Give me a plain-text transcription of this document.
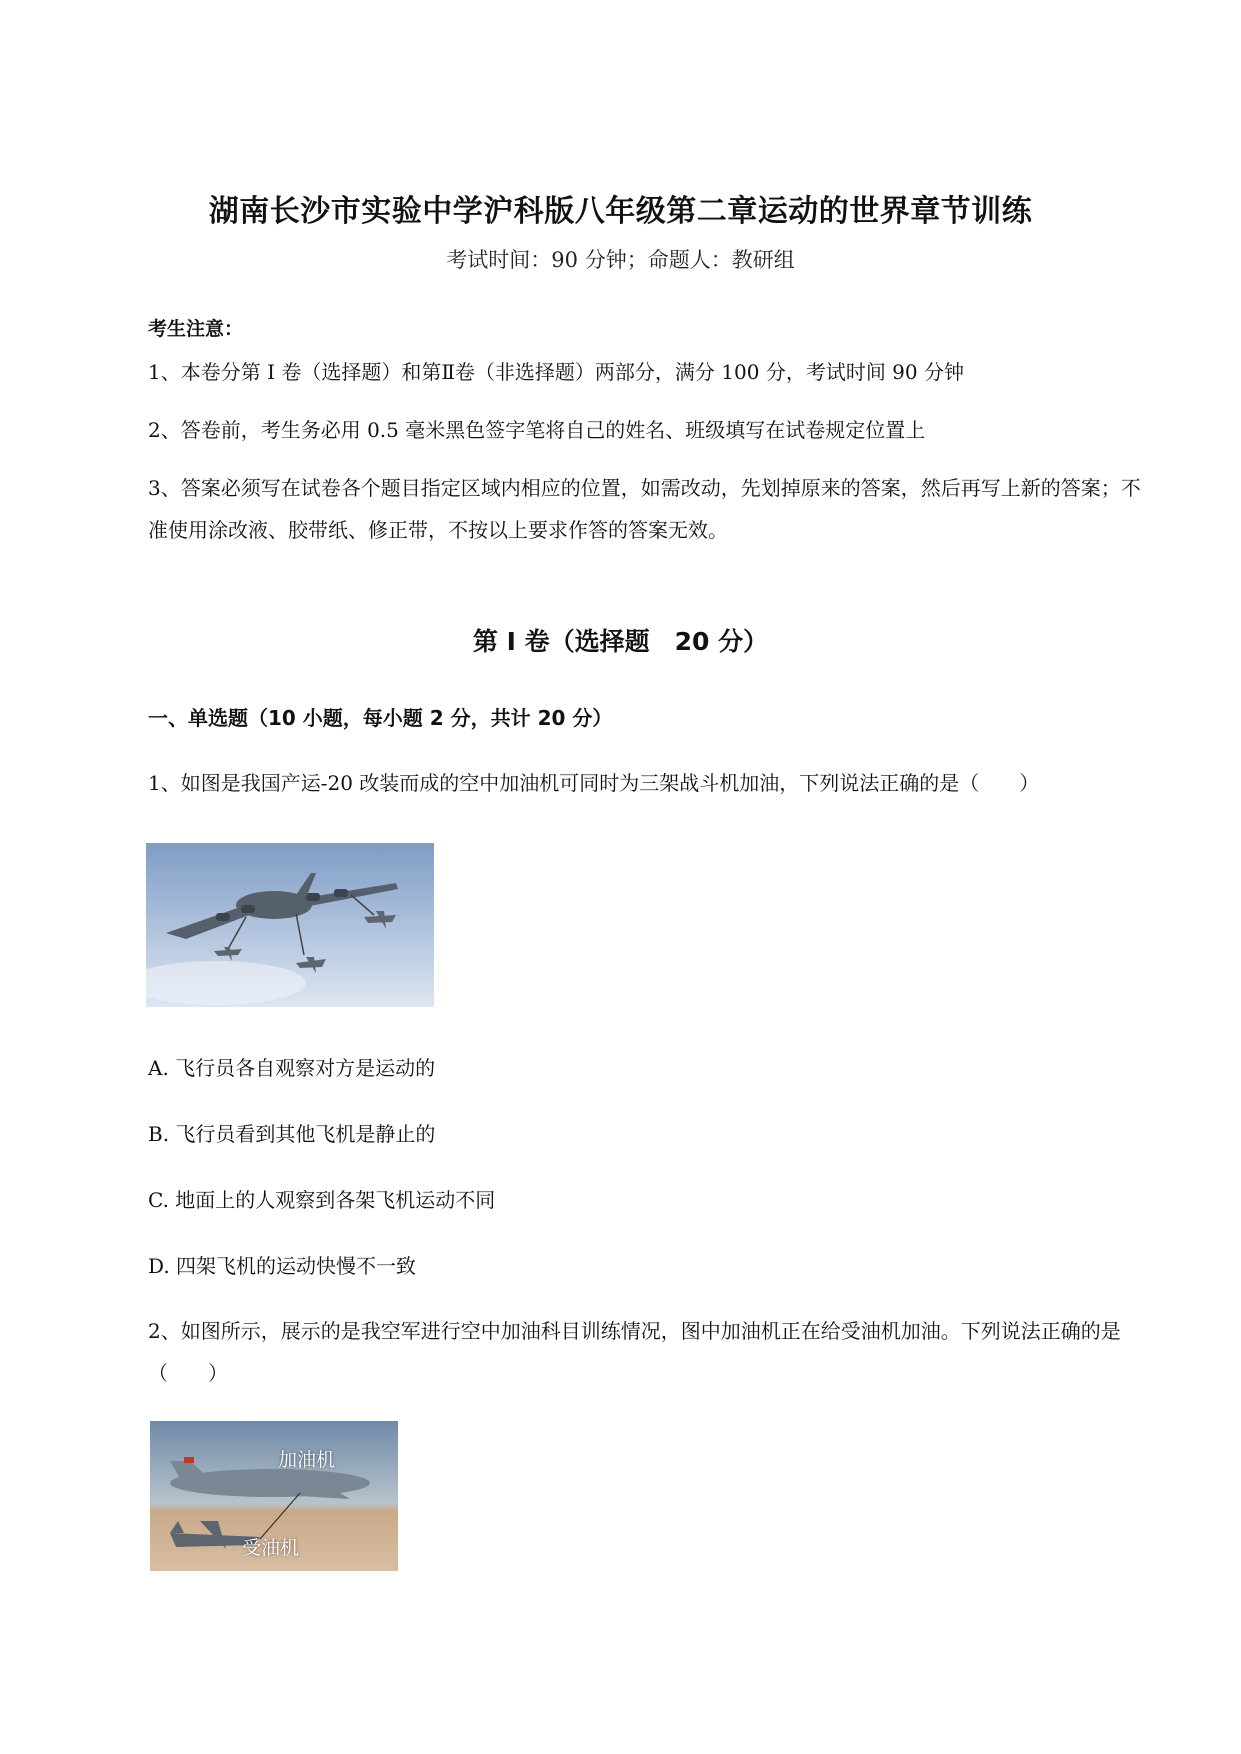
湖南长沙市实验中学沪科版八年级第二章运动的世界章节训练
考试时间：90 分钟；命题人：教研组
考生注意：
1、本卷分第 I 卷（选择题）和第Ⅱ卷（非选择题）两部分，满分 100 分，考试时间 90 分钟
2、答卷前，考生务必用 0.5 毫米黑色签字笔将自己的姓名、班级填写在试卷规定位置上
3、答案必须写在试卷各个题目指定区域内相应的位置，如需改动，先划掉原来的答案，然后再写上新的答案；不准使用涂改液、胶带纸、修正带，不按以上要求作答的答案无效。
第 I 卷（选择题　20 分）
一、单选题（10 小题，每小题 2 分，共计 20 分）
1、如图是我国产运-20 改装而成的空中加油机可同时为三架战斗机加油，下列说法正确的是（　　）
A. 飞行员各自观察对方是运动的
B. 飞行员看到其他飞机是静止的
C. 地面上的人观察到各架飞机运动不同
D. 四架飞机的运动快慢不一致
2、如图所示，展示的是我空军进行空中加油科目训练情况，图中加油机正在给受油机加油。下列说法正确的是（　　）
加油机
受油机
